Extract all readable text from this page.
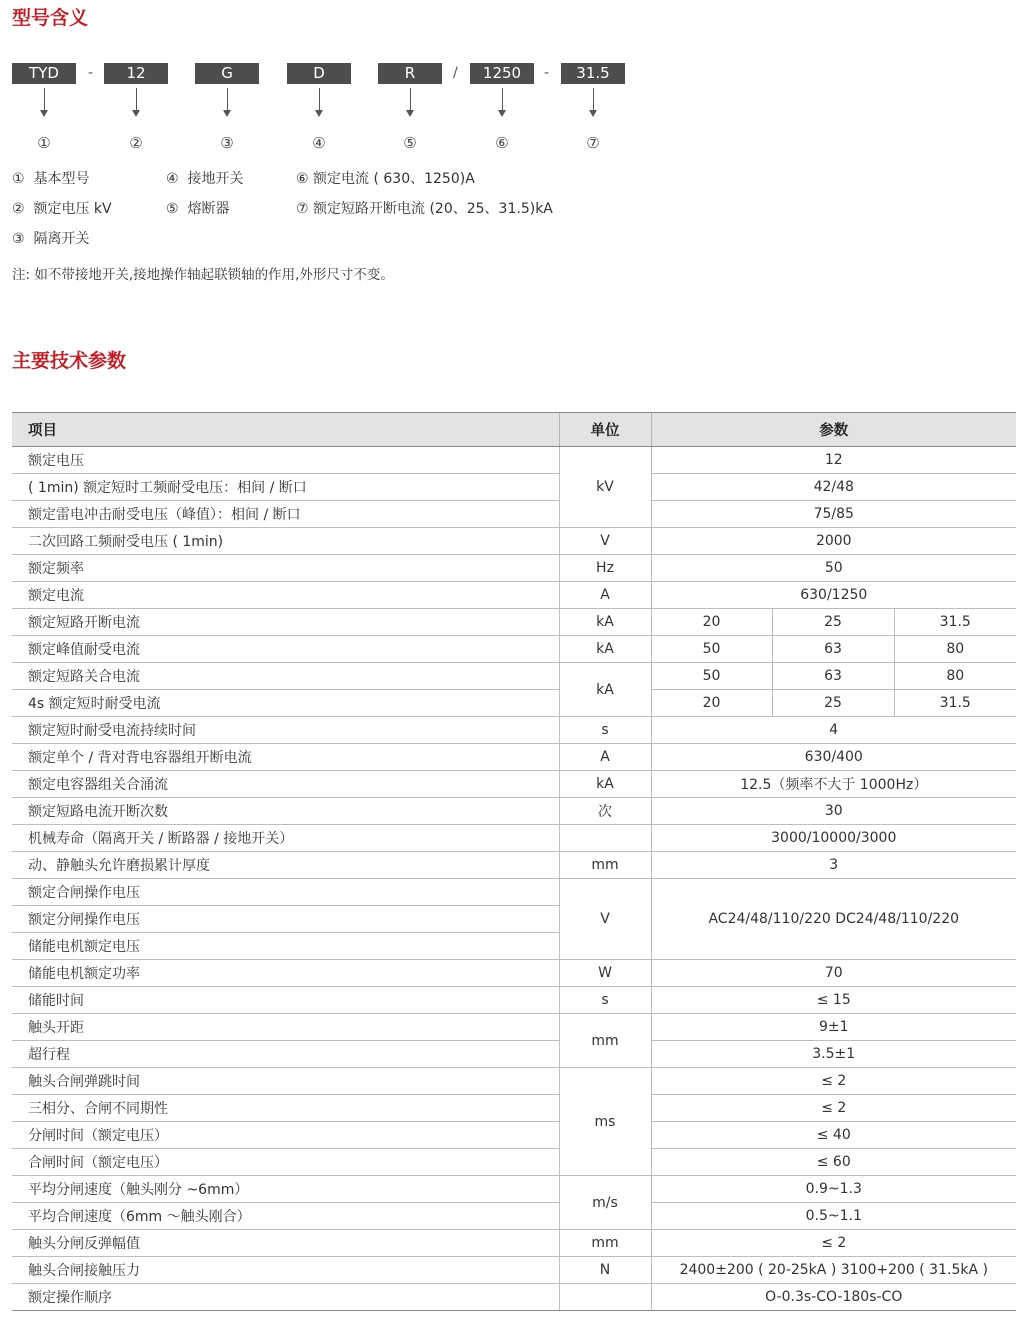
型号含义
TYD	-	12	G	D	R	/	1250	-	31.5
①	②	③	④	⑤	⑥	⑦
① 基本型号
② 额定电压 kV
③ 隔离开关
④ 接地开关
⑤ 熔断器
⑥ 额定电流 ( 630、1250)A
⑦ 额定短路开断电流 (20、25、31.5)kA
注: 如不带接地开关,接地操作轴起联锁轴的作用,外形尺寸不变。
主要技术参数
项目	单位	参数		
额定电压	kV	12		
( 1min) 额定短时工频耐受电压：相间 / 断口		42/48		
额定雷电冲击耐受电压（峰值）：相间 / 断口		75/85		
二次回路工频耐受电压 ( 1min)	V	2000		
额定频率	Hz	50		
额定电流	A	630/1250		
额定短路开断电流	kA	20	25	31.5
额定峰值耐受电流	kA	50	63	80
额定短路关合电流	kA	50	63	80
4s 额定短时耐受电流		20	25	31.5
额定短时耐受电流持续时间	s	4		
额定单个 / 背对背电容器组开断电流	A	630/400		
额定电容器组关合涌流	kA	12.5（频率不大于 1000Hz）		
额定短路电流开断次数	次	30		
机械寿命（隔离开关 / 断路器 / 接地开关）		3000/10000/3000		
动、静触头允许磨损累计厚度	mm	3		
额定合闸操作电压	V	AC24/48/110/220 DC24/48/110/220		
额定分闸操作电压				
储能电机额定电压				
储能电机额定功率	W	70		
储能时间	s	≤ 15		
触头开距	mm	9±1		
超行程		3.5±1		
触头合闸弹跳时间	ms	≤ 2		
三相分、合闸不同期性		≤ 2		
分闸时间（额定电压）		≤ 40		
合闸时间（额定电压）		≤ 60		
平均分闸速度（触头刚分 ~6mm）	m/s	0.9~1.3		
平均合闸速度（6mm ～触头刚合）		0.5~1.1		
触头分闸反弹幅值	mm	≤ 2		
触头合闸接触压力	N	2400±200 ( 20-25kA ) 3100+200 ( 31.5kA )		
额定操作顺序		O-0.3s-CO-180s-CO		
